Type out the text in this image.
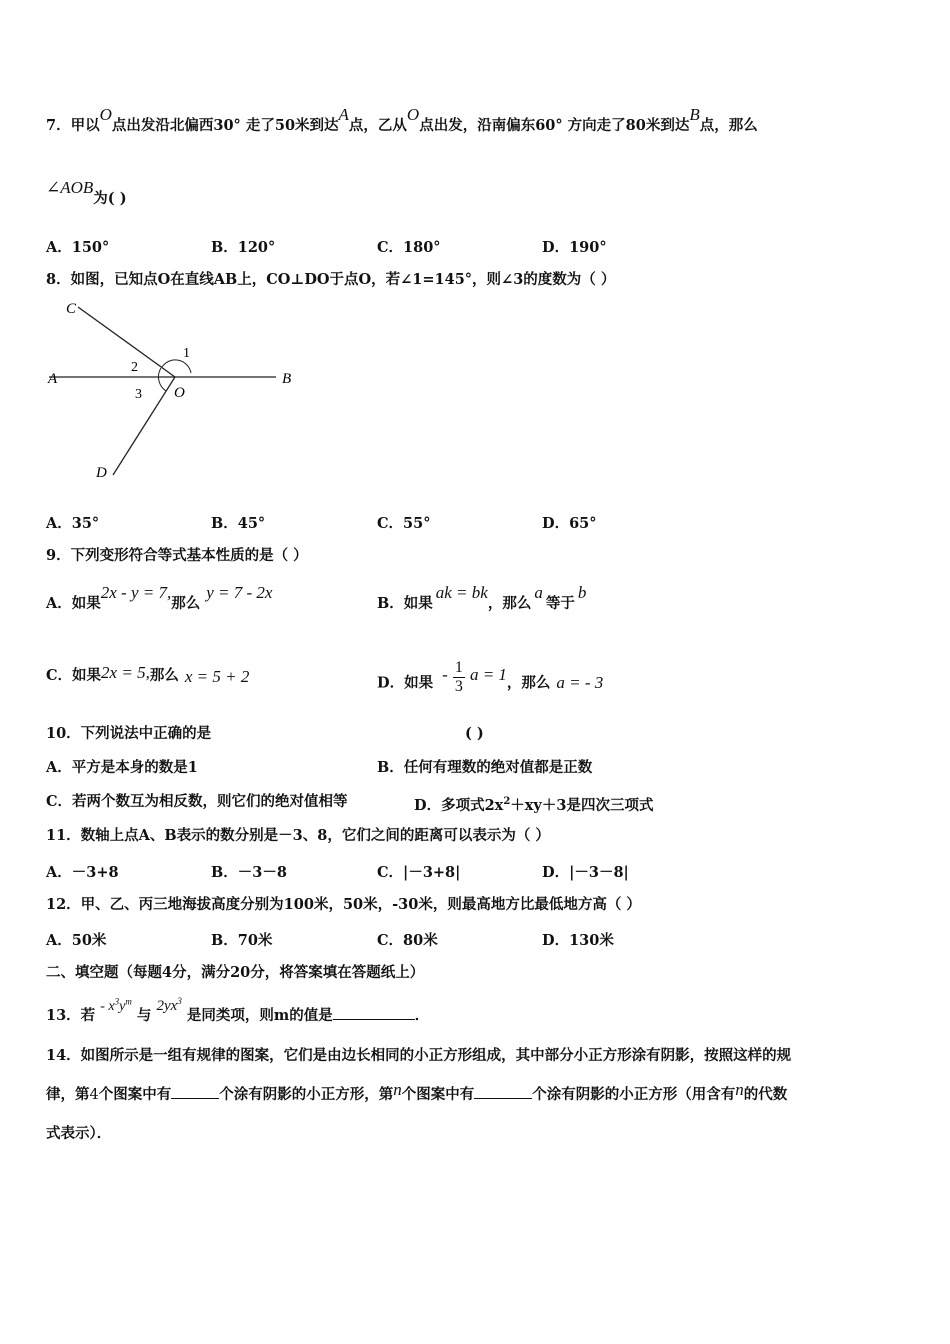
7．甲以O点出发沿北偏西30° 走了50米到达A点，乙从O点出发，沿南偏东60° 方向走了80米到达B点，那么
∠AOB为( )
A．150°	B．120°	C．180°	D．190°
8．如图，已知点O在直线AB上，CO⊥DO于点O，若∠1=145°，则∠3的度数为（ ）
C
A	B
O
D
1
2
3
A．35°	B．45°	C．55°	D．65°
9．下列变形符合等式基本性质的是（ ）
A．如果2x - y = 7,那么y = 7 - 2x
B．如果ak = bk，那么a等于b
C．如果2x = 5,那么 x = 5 + 2	D．如果 - $\frac{1}{3}$ a = 1，那么 a = - 3
10．下列说法中正确的是	( )
A．平方是本身的数是1	B．任何有理数的绝对值都是正数
C．若两个数互为相反数，则它们的绝对值相等	D．多项式$2x^2+xy+3$是四次三项式
11．数轴上点A、B表示的数分别是－3、8，它们之间的距离可以表示为（ ）
A．－3+8	B．－3－8	C．|－3+8|	D．|－3－8|
12．甲、乙、丙三地海拔高度分别为100米，50米，-30米，则最高地方比最低地方高（ ）
A．50米	B．70米	C．80米	D．130米
二、填空题（每题4分，满分20分，将答案填在答题纸上）
13．若 - $x^3y^m$ 与 $2yx^3$ 是同类项，则m的值是	．
14．如图所示是一组有规律的图案，它们是由边长相同的小正方形组成，其中部分小正方形涂有阴影，按照这样的规
律，第4个图案中有	个涂有阴影的小正方形，第n个图案中有	个涂有阴影的小正方形（用含有n的代数
式表示）．
